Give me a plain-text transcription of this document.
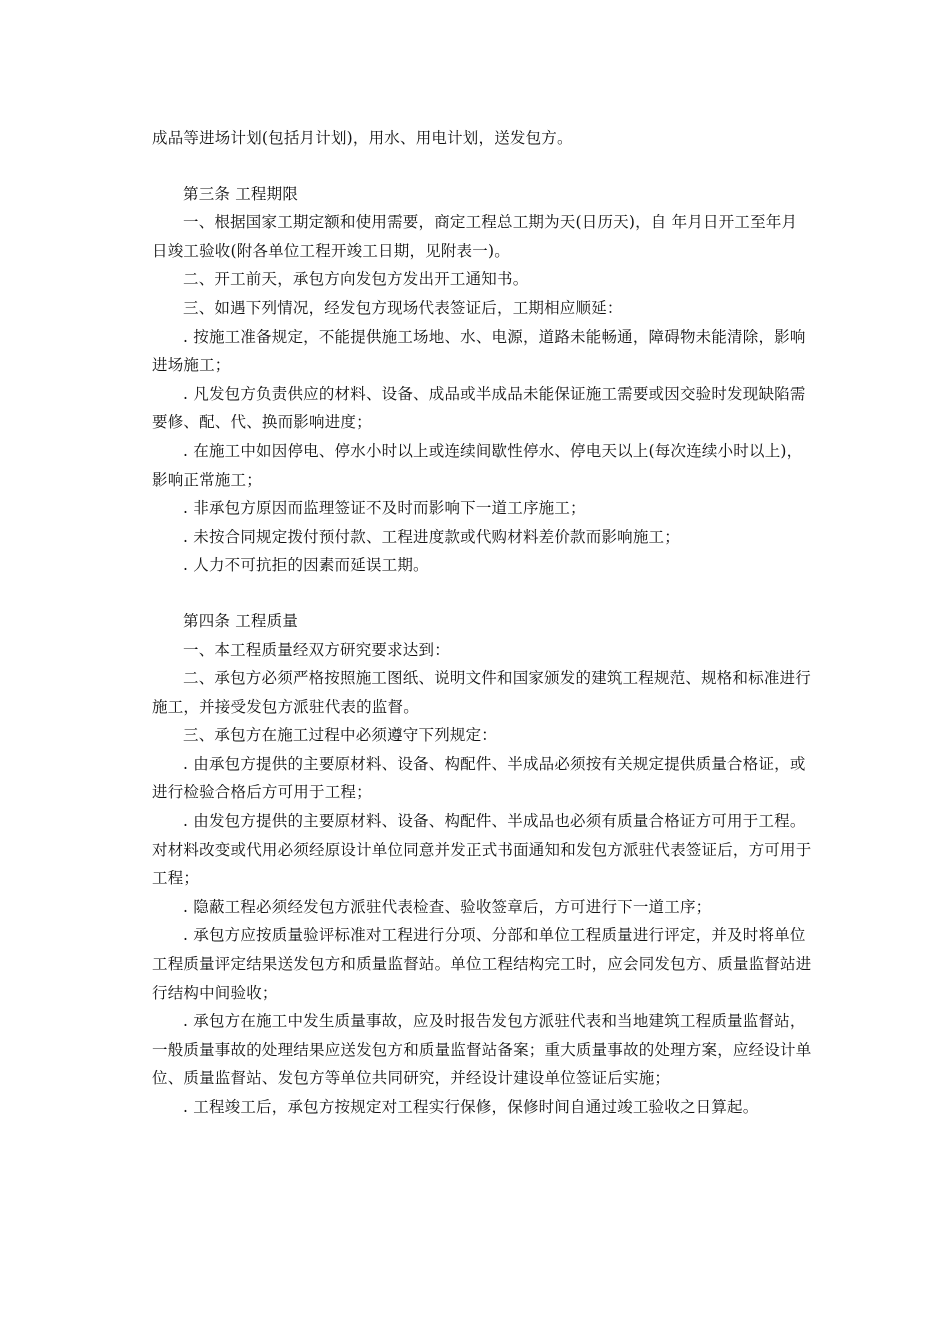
成品等进场计划(包括月计划)，用水、用电计划，送发包方。

第三条 工程期限

一、根据国家工期定额和使用需要，商定工程总工期为天(日历天)，自 年月日开工至年月日竣工验收(附各单位工程开竣工日期，见附表一)。

二、开工前天，承包方向发包方发出开工通知书。

三、如遇下列情况，经发包方现场代表签证后，工期相应顺延：

. 按施工准备规定，不能提供施工场地、水、电源，道路未能畅通，障碍物未能清除，影响进场施工；

. 凡发包方负责供应的材料、设备、成品或半成品未能保证施工需要或因交验时发现缺陷需要修、配、代、换而影响进度；

. 在施工中如因停电、停水小时以上或连续间歇性停水、停电天以上(每次连续小时以上)，影响正常施工；

. 非承包方原因而监理签证不及时而影响下一道工序施工；

. 未按合同规定拨付预付款、工程进度款或代购材料差价款而影响施工；

. 人力不可抗拒的因素而延误工期。

第四条 工程质量

一、本工程质量经双方研究要求达到：

二、承包方必须严格按照施工图纸、说明文件和国家颁发的建筑工程规范、规格和标准进行施工，并接受发包方派驻代表的监督。

三、承包方在施工过程中必须遵守下列规定：

. 由承包方提供的主要原材料、设备、构配件、半成品必须按有关规定提供质量合格证，或进行检验合格后方可用于工程；

. 由发包方提供的主要原材料、设备、构配件、半成品也必须有质量合格证方可用于工程。对材料改变或代用必须经原设计单位同意并发正式书面通知和发包方派驻代表签证后，方可用于工程；

. 隐蔽工程必须经发包方派驻代表检查、验收签章后，方可进行下一道工序；

. 承包方应按质量验评标准对工程进行分项、分部和单位工程质量进行评定，并及时将单位工程质量评定结果送发包方和质量监督站。单位工程结构完工时，应会同发包方、质量监督站进行结构中间验收；

. 承包方在施工中发生质量事故，应及时报告发包方派驻代表和当地建筑工程质量监督站，一般质量事故的处理结果应送发包方和质量监督站备案；重大质量事故的处理方案，应经设计单位、质量监督站、发包方等单位共同研究，并经设计建设单位签证后实施；

. 工程竣工后，承包方按规定对工程实行保修，保修时间自通过竣工验收之日算起。
